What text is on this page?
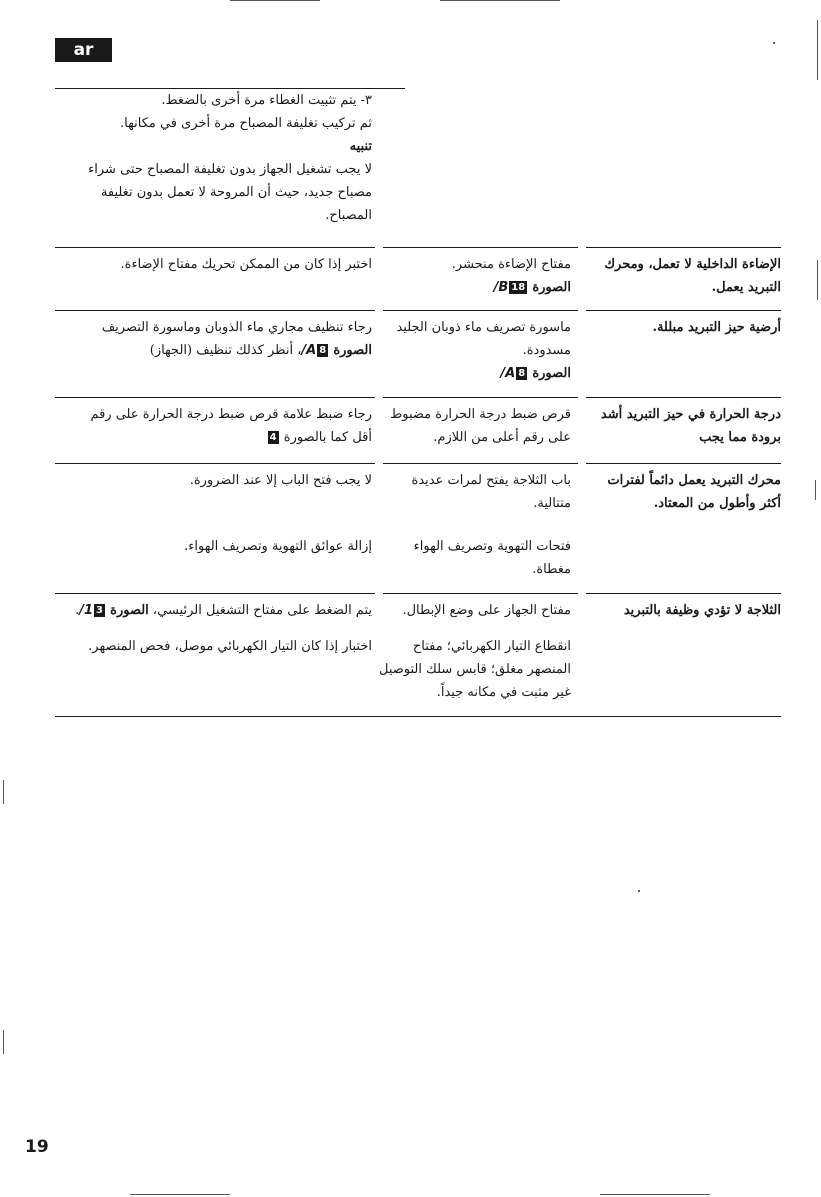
ar
٣- يتم تثبيت الغطاء مرة أخرى بالضغط.
ثم تركيب تغليفة المصباح مرة أخرى في مكانها.
تنبيه
لا يجب تشغيل الجهاز بدون تغليفة المصباح حتى شراء
مصباح جديد، حيث أن المروحة لا تعمل بدون تغليفة
المصباح.
الإضاءة الداخلية لا تعمل، ومحرك
التبريد يعمل.
مفتاح الإضاءة منحشر.
الصورة 18B/
اختبر إذا كان من الممكن تحريك مفتاح الإضاءة.
أرضية حيز التبريد مبللة.
ماسورة تصريف ماء ذوبان الجليد
مسدودة.
الصورة 8A/
رجاء تنظيف مجاري ماء الذوبان وماسورة التصريف
الصورة 8A/، أنظر كذلك تنظيف (الجهاز)
درجة الحرارة في حيز التبريد أشد
برودة مما يجب
قرص ضبط درجة الحرارة مضبوط
على رقم أعلى من اللازم.
رجاء ضبط علامة قرص ضبط درجة الحرارة على رقم
أقل كما بالصورة 4
محرك التبريد يعمل دائماً لفترات
أكثر وأطول من المعتاد.
باب الثلاجة يفتح لمرات عديدة
متتالية.
لا يجب فتح الباب إلا عند الضرورة.
فتحات التهوية وتصريف الهواء
مغطاة.
إزالة عوائق التهوية وتصريف الهواء.
الثلاجة لا تؤدي وظيفة بالتبريد
مفتاح الجهاز على وضع الإبطال.
يتم الضغط على مفتاح التشغيل الرئيسي، الصورة 31/.
انقطاع التيار الكهربائي؛ مفتاح
المنصهر مغلق؛ قابس سلك التوصيل
غير مثبت في مكانه جيداً.
اختبار إذا كان التيار الكهربائي موصل، فحص المنصهر.
19
